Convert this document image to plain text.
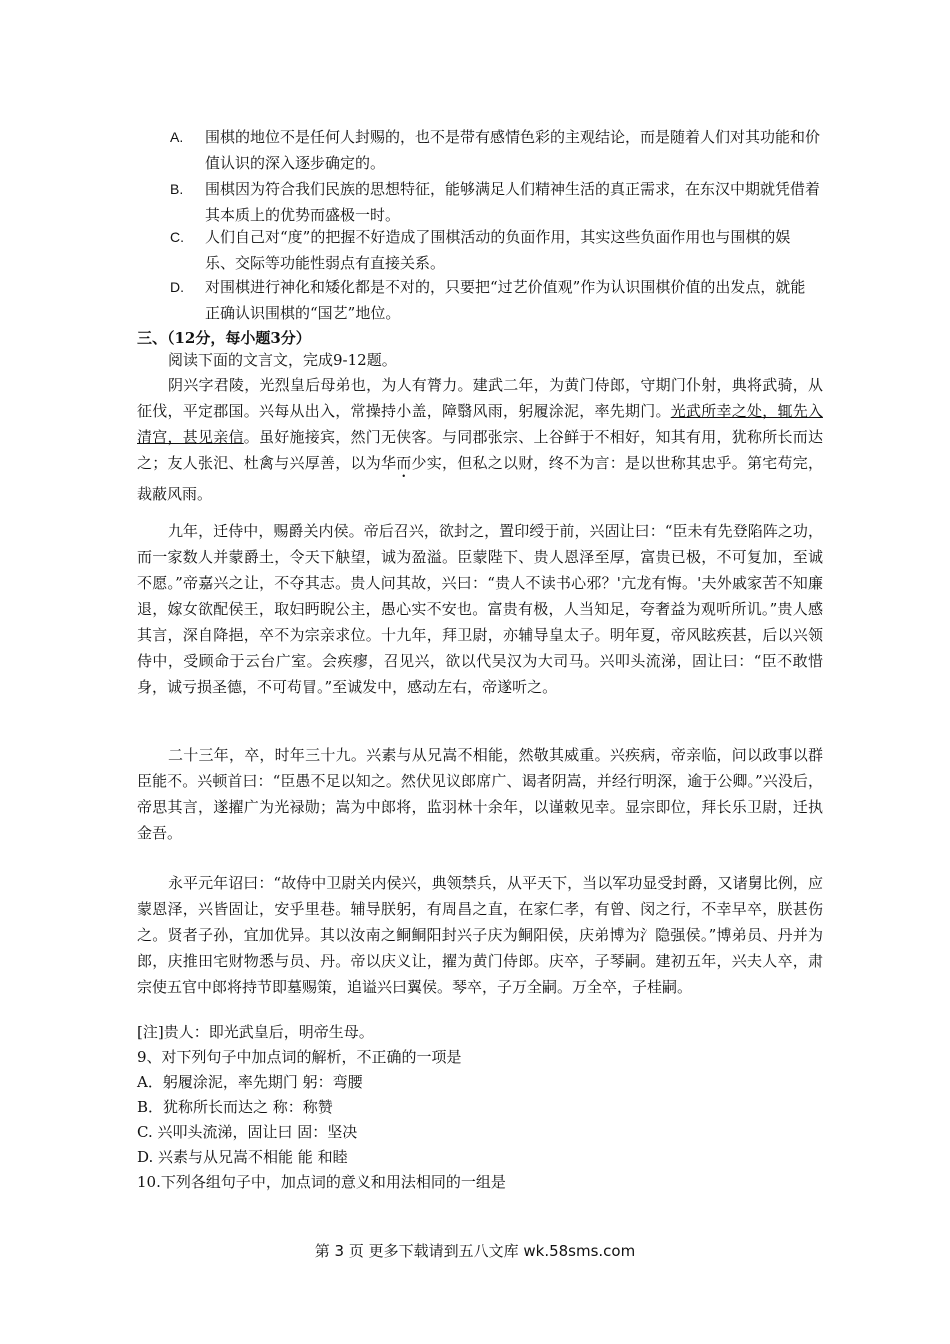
A. 围棋的地位不是任何人封赐的，也不是带有感情色彩的主观结论，而是随着人们对其功能和价值认识的深入逐步确定的。
B. 围棋因为符合我们民族的思想特征，能够满足人们精神生活的真正需求，在东汉中期就凭借着其本质上的优势而盛极一时。
C. 人们自己对“度”的把握不好造成了围棋活动的负面作用，其实这些负面作用也与围棋的娱乐、交际等功能性弱点有直接关系。
D. 对围棋进行神化和矮化都是不对的，只要把“过艺价值观”作为认识围棋价值的出发点，就能正确认识围棋的“国艺”地位。
三、（12分，每小题3分）
阅读下面的文言文，完成9-12题。
阴兴字君陵，光烈皇后母弟也，为人有膂力。建武二年，为黄门侍郎，守期门仆射，典将武骑，从征伐，平定郡国。兴每从出入，常操持小盖，障翳风雨，躬履涂泥，率先期门。光武所幸之处，辄先入清宫，甚见亲信。虽好施接宾，然门无侠客。与同郡张宗、上谷鲜于不相好，知其有用，犹称所长而达之；友人张汜、杜禽与兴厚善，以为华而少实，但私之以财，终不为言：是以世称其忠乎。第宅苟完，裁蔽风雨。
九年，迁侍中，赐爵关内侯。帝后召兴，欲封之，置印绶于前，兴固让曰：“臣未有先登陷阵之功，而一家数人并蒙爵土，令天下觖望，诚为盈溢。臣蒙陛下、贵人恩泽至厚，富贵已极，不可复加，至诚不愿。”帝嘉兴之让，不夺其志。贵人问其故，兴曰：“贵人不读书心邪？'亢龙有悔。'夫外戚家苦不知廉退，嫁女欲配侯王，取妇眄睨公主，愚心实不安也。富贵有极，人当知足，夸奢益为观听所讥。”贵人感其言，深自降挹，卒不为宗亲求位。十九年，拜卫尉，亦辅导皇太子。明年夏，帝风眩疾甚，后以兴领侍中，受顾命于云台广室。会疾瘳，召见兴，欲以代吴汉为大司马。兴叩头流涕，固让曰：“臣不敢惜身，诚亏损圣德，不可苟冒。”至诚发中，感动左右，帝遂听之。
二十三年，卒，时年三十九。兴素与从兄嵩不相能，然敬其威重。兴疾病，帝亲临，问以政事以群臣能不。兴顿首曰：“臣愚不足以知之。然伏见议郎席广、谒者阴嵩，并经行明深，逾于公卿。”兴没后，帝思其言，遂擢广为光禄勋；嵩为中郎将，监羽林十余年，以谨敕见幸。显宗即位，拜长乐卫尉，迁执金吾。
永平元年诏曰：“故侍中卫尉关内侯兴，典领禁兵，从平天下，当以军功显受封爵，又诸舅比例，应蒙恩泽，兴皆固让，安乎里巷。辅导朕躬，有周昌之直，在家仁孝，有曾、闵之行，不幸早卒，朕甚伤之。贤者子孙，宜加优异。其以汝南之鲖鲖阳封兴子庆为鲖阳侯，庆弟博为氵隐强侯。”博弟员、丹并为郎，庆推田宅财物悉与员、丹。帝以庆义让，擢为黄门侍郎。庆卒，子琴嗣。建初五年，兴夫人卒，肃宗使五官中郎将持节即墓赐策，追谥兴曰翼侯。琴卒，子万全嗣。万全卒，子桂嗣。
[注]贵人：即光武皇后，明帝生母。
9、对下列句子中加点词的解析，不正确的一项是
A．躬履涂泥，率先期门 躬：弯腰
B．犹称所长而达之 称：称赞
C. 兴叩头流涕，固让曰 固：坚决
D. 兴素与从兄嵩不相能 能 和睦
10.下列各组句子中，加点词的意义和用法相同的一组是
第 3 页 更多下载请到五八文库 wk.58sms.com
